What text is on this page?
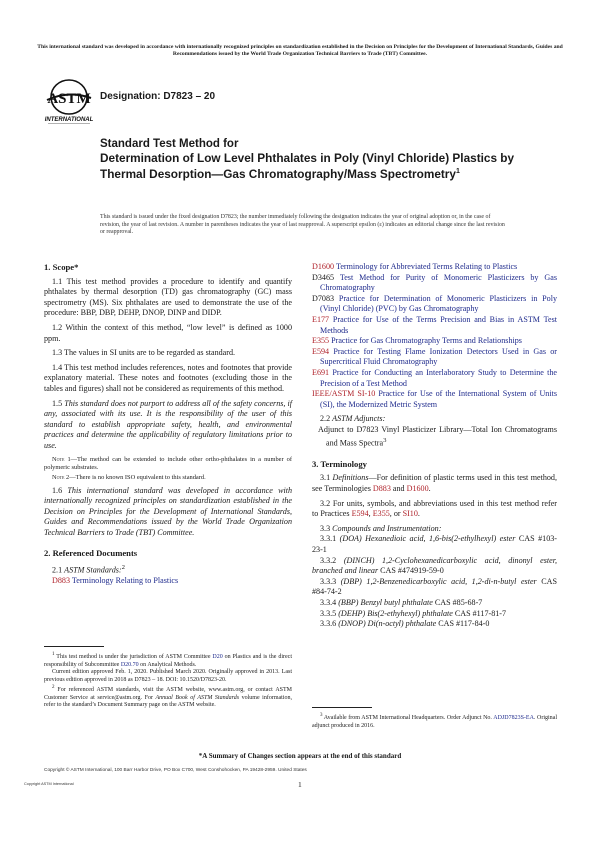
This international standard was developed in accordance with internationally recognized principles on standardization established in the Decision on Principles for the Development of International Standards, Guides and Recommendations issued by the World Trade Organization Technical Barriers to Trade (TBT) Committee.
ASTM
INTERNATIONAL
Designation: D7823 – 20
Standard Test Method for
Determination of Low Level Phthalates in Poly (Vinyl Chloride) Plastics by Thermal Desorption—Gas Chromatography/Mass Spectrometry$^1$
This standard is issued under the fixed designation D7823; the number immediately following the designation indicates the year of original adoption or, in the case of revision, the year of last revision. A number in parentheses indicates the year of last reapproval. A superscript epsilon (ε) indicates an editorial change since the last revision or reapproval.
1. Scope*

1.1 This test method provides a procedure to identify and quantify phthalates by thermal desorption (TD) gas chromatography (GC) mass spectrometry (MS). Six phthalates are used to demonstrate the use of the procedure: BBP, DBP, DEHP, DNOP, DINP and DIDP.

1.2 Within the context of this method, “low level” is defined as 1000 ppm.

1.3 The values in SI units are to be regarded as standard.

1.4 This test method includes references, notes and footnotes that provide explanatory material. These notes and footnotes (excluding those in the tables and figures) shall not be considered as requirements of this method.

1.5 This standard does not purport to address all of the safety concerns, if any, associated with its use. It is the responsibility of the user of this standard to establish appropriate safety, health, and environmental practices and determine the applicability of regulatory limitations prior to use.

Note 1—The method can be extended to include other ortho-phthalates in a number of polymeric substrates.

Note 2—There is no known ISO equivalent to this standard.

1.6 This international standard was developed in accordance with internationally recognized principles on standardization established in the Decision on Principles for the Development of International Standards, Guides and Recommendations issued by the World Trade Organization Technical Barriers to Trade (TBT) Committee.

2. Referenced Documents

2.1 ASTM Standards:$^2$

D883 Terminology Relating to Plastics

$^1$ This test method is under the jurisdiction of ASTM Committee D20 on Plastics and is the direct responsibility of Subcommittee D20.70 on Analytical Methods.

Current edition approved Feb. 1, 2020. Published March 2020. Originally approved in 2013. Last previous edition approved in 2018 as D7823 – 18. DOI: 10.1520/D7823-20.

$^2$ For referenced ASTM standards, visit the ASTM website, www.astm.org, or contact ASTM Customer Service at service@astm.org. For Annual Book of ASTM Standards volume information, refer to the standard’s Document Summary page on the ASTM website.

D1600 Terminology for Abbreviated Terms Relating to Plastics

D3465 Test Method for Purity of Monomeric Plasticizers by Gas Chromatography

D7083 Practice for Determination of Monomeric Plasticizers in Poly (Vinyl Chloride) (PVC) by Gas Chromatography

E177 Practice for Use of the Terms Precision and Bias in ASTM Test Methods

E355 Practice for Gas Chromatography Terms and Relationships

E594 Practice for Testing Flame Ionization Detectors Used in Gas or Supercritical Fluid Chromatography

E691 Practice for Conducting an Interlaboratory Study to Determine the Precision of a Test Method

IEEE/ASTM SI-10 Practice for Use of the International System of Units (SI), the Modernized Metric System

2.2 ASTM Adjuncts:

Adjunct to D7823 Vinyl Plasticizer Library—Total Ion Chromatograms and Mass Spectra$^3$

3. Terminology

3.1 Definitions—For definition of plastic terms used in this test method, see Terminologies D883 and D1600.

3.2 For units, symbols, and abbreviations used in this test method refer to Practices E594, E355, or SI10.

3.3 Compounds and Instrumentation:

3.3.1 (DOA) Hexanedioic acid, 1,6-bis(2-ethylhexyl) ester CAS #103-23-1

3.3.2 (DINCH) 1,2-Cyclohexanedicarboxylic acid, dinonyl ester, branched and linear CAS #474919-59-0

3.3.3 (DBP) 1,2-Benzenedicarboxylic acid, 1,2-di-n-butyl ester CAS #84-74-2

3.3.4 (BBP) Benzyl butyl phthalate CAS #85-68-7

3.3.5 (DEHP) Bis(2-ethyhexyl) phthalate CAS #117-81-7

3.3.6 (DNOP) Di(n-octyl) phthalate CAS #117-84-0

$^3$ Available from ASTM International Headquarters. Order Adjunct No. ADJD7823S-EA. Original adjunct produced in 2016.

*A Summary of Changes section appears at the end of this standard
Copyright © ASTM International, 100 Barr Harbor Drive, PO Box C700, West Conshohocken, PA 19428-2959. United States
Copyright ASTM International	1
